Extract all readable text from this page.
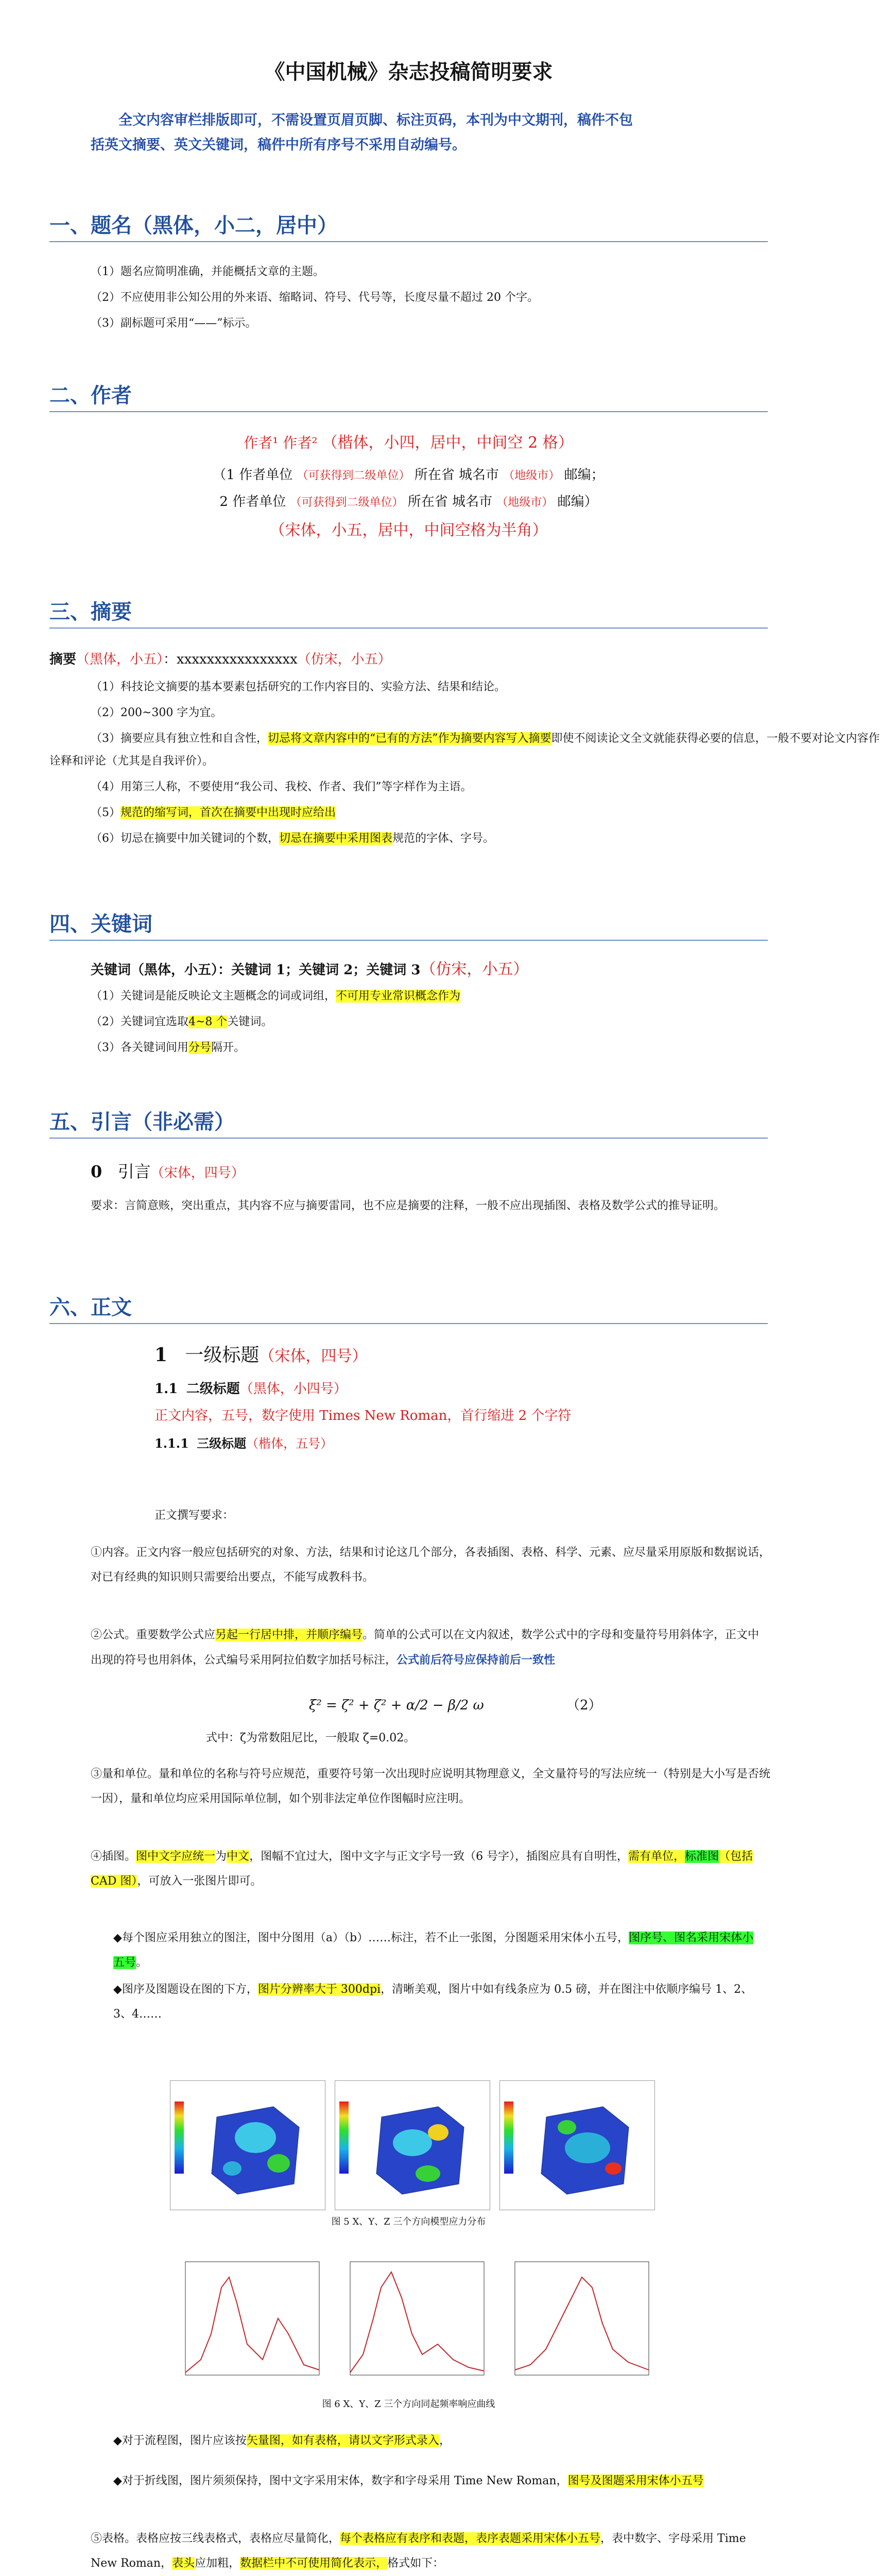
《中国机械》杂志投稿简明要求
全文内容审栏排版即可，不需设置页眉页脚、标注页码，本刊为中文期刊，稿件不包
括英文摘要、英文关键词，稿件中所有序号不采用自动编号。
一、题名（黑体，小二，居中）
（1）题名应简明准确，并能概括文章的主题。
（2）不应使用非公知公用的外来语、缩略词、符号、代号等，长度尽量不超过 20 个字。
（3）副标题可采用“——”标示。
二、作者
作者¹ 作者² （楷体，小四，居中，中间空 2 格）
（1 作者单位 （可获得到二级单位） 所在省 城名市 （地级市） 邮编；
2 作者单位 （可获得到二级单位） 所在省 城名市 （地级市） 邮编）
（宋体，小五，居中，中间空格为半角）
三、摘要
摘要（黑体，小五）：xxxxxxxxxxxxxxxx（仿宋，小五）
（1）科技论文摘要的基本要素包括研究的工作内容目的、实验方法、结果和结论。
（2）200~300 字为宜。
（3）摘要应具有独立性和自含性，切忌将文章内容中的“已有的方法”作为摘要内容写入摘要即使不阅读论文全文就能获得必要的信息，一般不要对论文内容作
诠释和评论（尤其是自我评价）。
（4）用第三人称，不要使用“我公司、我校、作者、我们”等字样作为主语。
（5）规范的缩写词，首次在摘要中出现时应给出
（6）切忌在摘要中加关键词的个数，切忌在摘要中采用图表规范的字体、字号。
四、关键词
关键词（黑体，小五）：关键词 1；关键词 2；关键词 3（仿宋，小五）
（1）关键词是能反映论文主题概念的词或词组，不可用专业常识概念作为
（2）关键词宜选取4~8 个关键词。
（3）各关键词间用分号隔开。
五、引言（非必需）
0 引言（宋体，四号）
要求：言简意赅，突出重点，其内容不应与摘要雷同，也不应是摘要的注释，一般不应出现插图、表格及数学公式的推导证明。
六、正文
1 一级标题（宋体，四号）
1.1 二级标题（黑体，小四号）
正文内容，五号，数字使用 Times New Roman，首行缩进 2 个字符
1.1.1 三级标题（楷体，五号）
正文撰写要求：
①内容。正文内容一般应包括研究的对象、方法，结果和讨论这几个部分，各表插图、表格、科学、元素、应尽量采用原版和数据说话，对已有经典的知识则只需要给出要点，不能写成教科书。
②公式。重要数学公式应另起一行居中排，并顺序编号。简单的公式可以在文内叙述，数学公式中的字母和变量符号用斜体字，正文中出现的符号也用斜体，公式编号采用阿拉伯数字加括号标注，公式前后符号应保持前后一致性
ξ² = ζ² + ζ² + α/2 − β/2 ω	（2）
式中：ζ为常数阻尼比，一般取 ζ=0.02。
③量和单位。量和单位的名称与符号应规范，重要符号第一次出现时应说明其物理意义，全文量符号的写法应统一（特别是大小写是否统一因），量和单位均应采用国际单位制，如个别非法定单位作图幅时应注明。
④插图。图中文字应统一为中文，图幅不宜过大，图中文字与正文字号一致（6 号字），插图应具有自明性，需有单位，标准图（包括CAD 图），可放入一张图片即可。
◆每个图应采用独立的图注，图中分图用（a）（b）……标注，若不止一张图，分图题采用宋体小五号，图序号、图名采用宋体小五号。
◆图序及图题设在图的下方，图片分辨率大于 300dpi，清晰美观，图片中如有线条应为 0.5 磅，并在图注中依顺序编号 1、2、3、4……
图 5 X、Y、Z 三个方向模型应力分布
图 6 X、Y、Z 三个方向同起频率响应曲线
◆对于流程图，图片应该按矢量图，如有表格，请以文字形式录入，
◆对于折线图，图片须须保持，图中文字采用宋体，数字和字母采用 Time New Roman，图号及图题采用宋体小五号
⑤表格。表格应按三线表格式，表格应尽量简化，每个表格应有表序和表题，表序表题采用宋体小五号，表中数字、字母采用 Time New Roman，表头应加粗，数据栏中不可使用简化表示，格式如下：
